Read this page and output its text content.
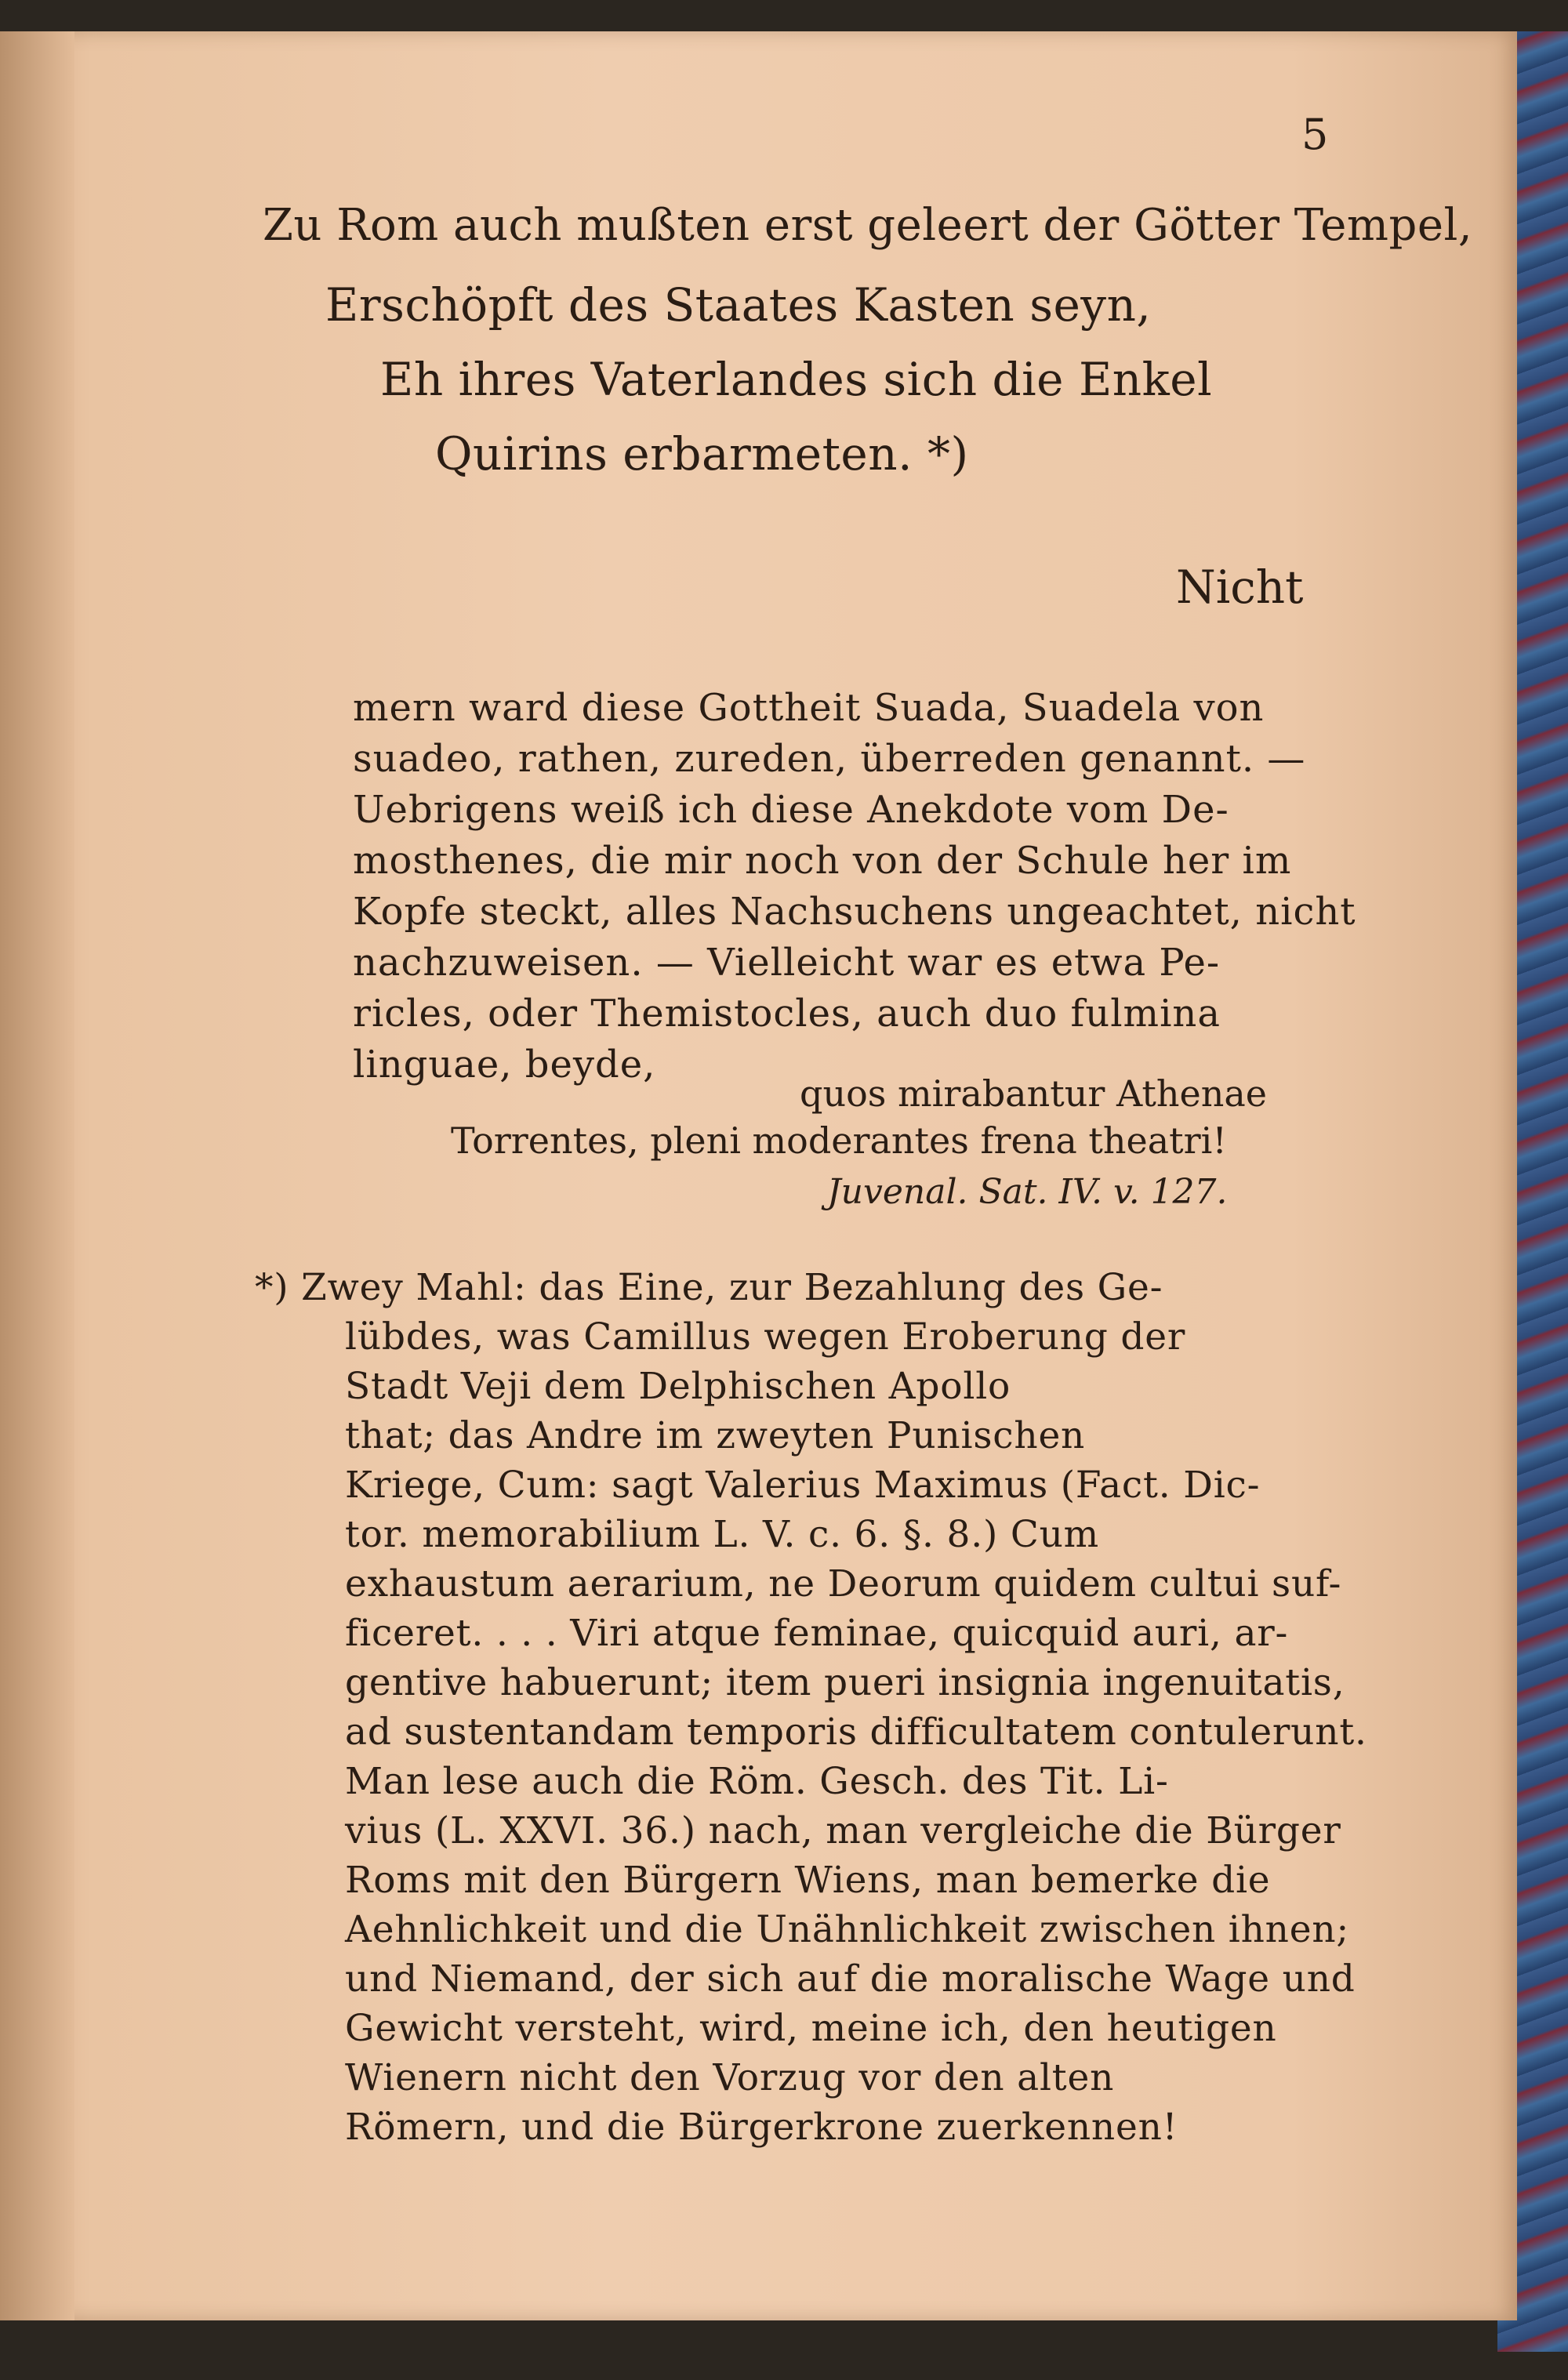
5
Zu Rom auch mußten erst geleert der Götter Tempel,
Erschöpft des Staates Kasten seyn,
Eh ihres Vaterlandes sich die Enkel
Quirins erbarmeten. *)
Nicht
mern ward diese Gottheit Suada, Suadela von
suadeo, rathen, zureden, überreden genannt. —
Uebrigens weiß ich diese Anekdote vom De-
mosthenes, die mir noch von der Schule her im
Kopfe steckt, alles Nachsuchens ungeachtet, nicht
nachzuweisen. — Vielleicht war es etwa Pe-
ricles, oder Themistocles, auch duo fulmina
linguae, beyde,
quos mirabantur Athenae
Torrentes, pleni moderantes frena theatri!
Juvenal. Sat. IV. v. 127.
*) Zwey Mahl: das Eine, zur Bezahlung des Ge-
lübdes, was Camillus wegen Eroberung der
Stadt Veji dem Delphischen Apollo
that; das Andre im zweyten Punischen
Kriege, Cum: sagt Valerius Maximus (Fact. Dic-
tor. memorabilium L. V. c. 6. §. 8.) Cum
exhaustum aerarium, ne Deorum quidem cultui suf-
ficeret. . . . Viri atque feminae, quicquid auri, ar-
gentive habuerunt; item pueri insignia ingenuitatis,
ad sustentandam temporis difficultatem contulerunt.
Man lese auch die Röm. Gesch. des Tit. Li-
vius (L. XXVI. 36.) nach, man vergleiche die Bürger
Roms mit den Bürgern Wiens, man bemerke die
Aehnlichkeit und die Unähnlichkeit zwischen ihnen;
und Niemand, der sich auf die moralische Wage und
Gewicht versteht, wird, meine ich, den heutigen
Wienern nicht den Vorzug vor den alten
Römern, und die Bürgerkrone zuerkennen!
